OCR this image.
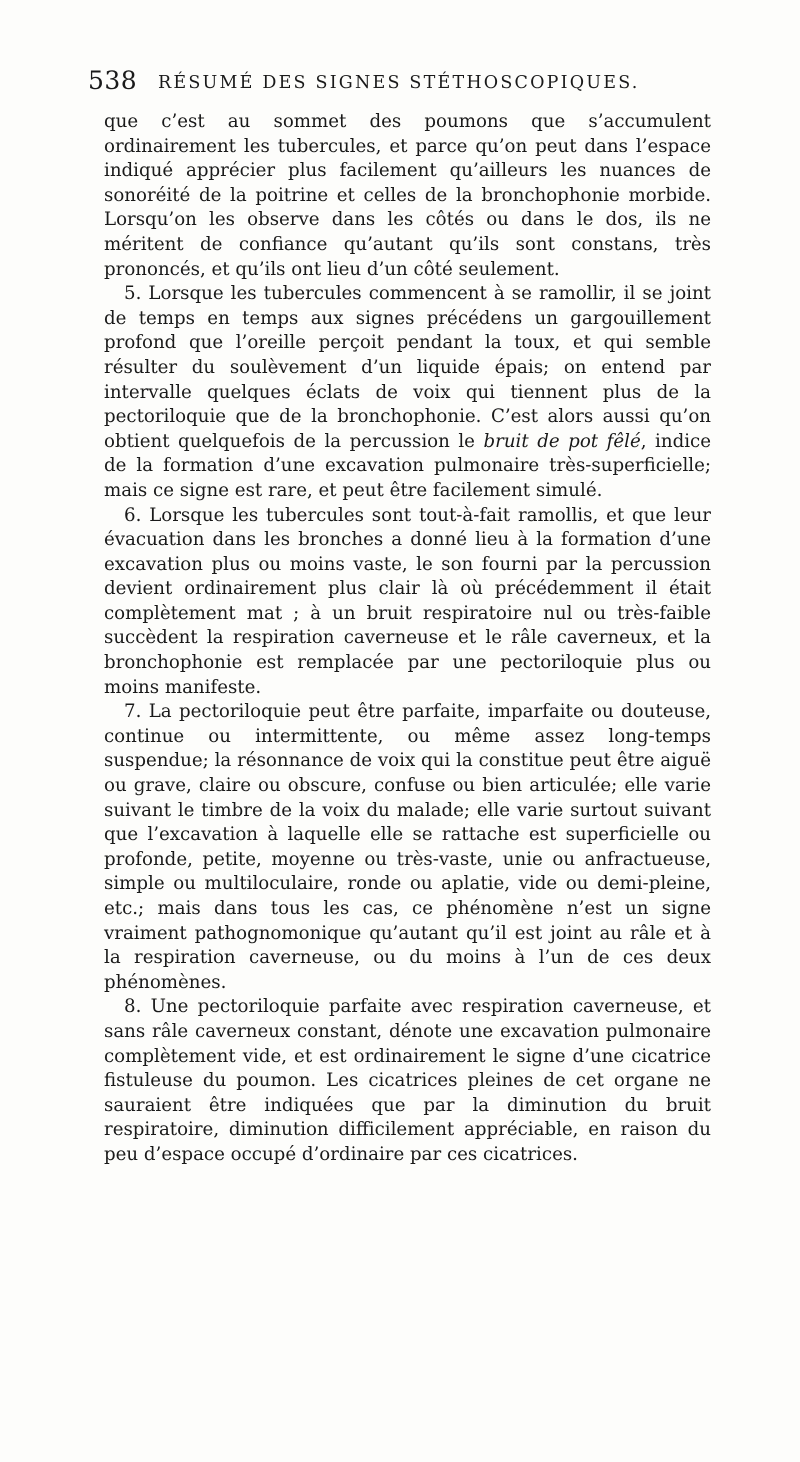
538 RÉSUMÉ DES SIGNES STÉTHOSCOPIQUES.

que c’est au sommet des poumons que s’accumulent ordinairement les tubercules, et parce qu’on peut dans l’espace indiqué apprécier plus facilement qu’ailleurs les nuances de sonoréité de la poitrine et celles de la bronchophonie morbide. Lorsqu’on les observe dans les côtés ou dans le dos, ils ne méritent de confiance qu’autant qu’ils sont constans, très prononcés, et qu’ils ont lieu d’un côté seulement.

5. Lorsque les tubercules commencent à se ramollir, il se joint de temps en temps aux signes précédens un gargouillement profond que l’oreille perçoit pendant la toux, et qui semble résulter du soulèvement d’un liquide épais; on entend par intervalle quelques éclats de voix qui tiennent plus de la pectoriloquie que de la bronchophonie. C’est alors aussi qu’on obtient quelquefois de la percussion le bruit de pot fêlé, indice de la formation d’une excavation pulmonaire très-superficielle; mais ce signe est rare, et peut être facilement simulé.

6. Lorsque les tubercules sont tout-à-fait ramollis, et que leur évacuation dans les bronches a donné lieu à la formation d’une excavation plus ou moins vaste, le son fourni par la percussion devient ordinairement plus clair là où précédemment il était complètement mat ; à un bruit respiratoire nul ou très-faible succèdent la respiration caverneuse et le râle caverneux, et la bronchophonie est remplacée par une pectoriloquie plus ou moins manifeste.

7. La pectoriloquie peut être parfaite, imparfaite ou douteuse, continue ou intermittente, ou même assez long-temps suspendue; la résonnance de voix qui la constitue peut être aiguë ou grave, claire ou obscure, confuse ou bien articulée; elle varie suivant le timbre de la voix du malade; elle varie surtout suivant que l’excavation à laquelle elle se rattache est superficielle ou profonde, petite, moyenne ou très-vaste, unie ou anfractueuse, simple ou multiloculaire, ronde ou aplatie, vide ou demi-pleine, etc.; mais dans tous les cas, ce phénomène n’est un signe vraiment pathognomonique qu’autant qu’il est joint au râle et à la respiration caverneuse, ou du moins à l’un de ces deux phénomènes.

8. Une pectoriloquie parfaite avec respiration caverneuse, et sans râle caverneux constant, dénote une excavation pulmonaire complètement vide, et est ordinairement le signe d’une cicatrice fistuleuse du poumon. Les cicatrices pleines de cet organe ne sauraient être indiquées que par la diminution du bruit respiratoire, diminution difficilement appréciable, en raison du peu d’espace occupé d’ordinaire par ces cicatrices.
